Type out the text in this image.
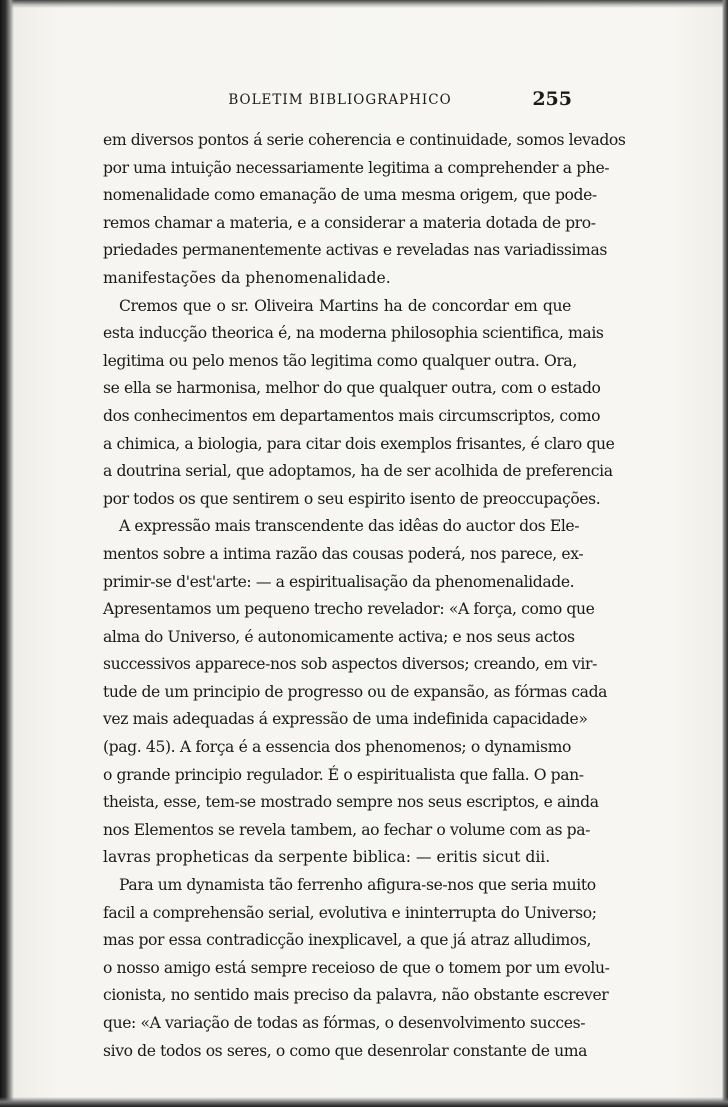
BOLETIM BIBLIOGRAPHICO	255
em diversos pontos á serie coherencia e continuidade, somos levados
por uma intuição necessariamente legitima a comprehender a phe-
nomenalidade como emanação de uma mesma origem, que pode-
remos chamar a materia, e a considerar a materia dotada de pro-
priedades permanentemente activas e reveladas nas variadissimas
manifestações da phenomenalidade.
Cremos que o sr. Oliveira Martins ha de concordar em que
esta inducção theorica é, na moderna philosophia scientifica, mais
legitima ou pelo menos tão legitima como qualquer outra. Ora,
se ella se harmonisa, melhor do que qualquer outra, com o estado
dos conhecimentos em departamentos mais circumscriptos, como
a chimica, a biologia, para citar dois exemplos frisantes, é claro que
a doutrina serial, que adoptamos, ha de ser acolhida de preferencia
por todos os que sentirem o seu espirito isento de preoccupações.
A expressão mais transcendente das idêas do auctor dos Ele-
mentos sobre a intima razão das cousas poderá, nos parece, ex-
primir-se d'est'arte: — a espiritualisação da phenomenalidade.
Apresentamos um pequeno trecho revelador: «A força, como que
alma do Universo, é autonomicamente activa; e nos seus actos
successivos apparece-nos sob aspectos diversos; creando, em vir-
tude de um principio de progresso ou de expansão, as fórmas cada
vez mais adequadas á expressão de uma indefinida capacidade»
(pag. 45). A força é a essencia dos phenomenos; o dynamismo
o grande principio regulador. É o espiritualista que falla. O pan-
theista, esse, tem-se mostrado sempre nos seus escriptos, e ainda
nos Elementos se revela tambem, ao fechar o volume com as pa-
lavras propheticas da serpente biblica: — eritis sicut dii.
Para um dynamista tão ferrenho afigura-se-nos que seria muito
facil a comprehensão serial, evolutiva e ininterrupta do Universo;
mas por essa contradicção inexplicavel, a que já atraz alludimos,
o nosso amigo está sempre receioso de que o tomem por um evolu-
cionista, no sentido mais preciso da palavra, não obstante escrever
que: «A variação de todas as fórmas, o desenvolvimento succes-
sivo de todos os seres, o como que desenrolar constante de uma
